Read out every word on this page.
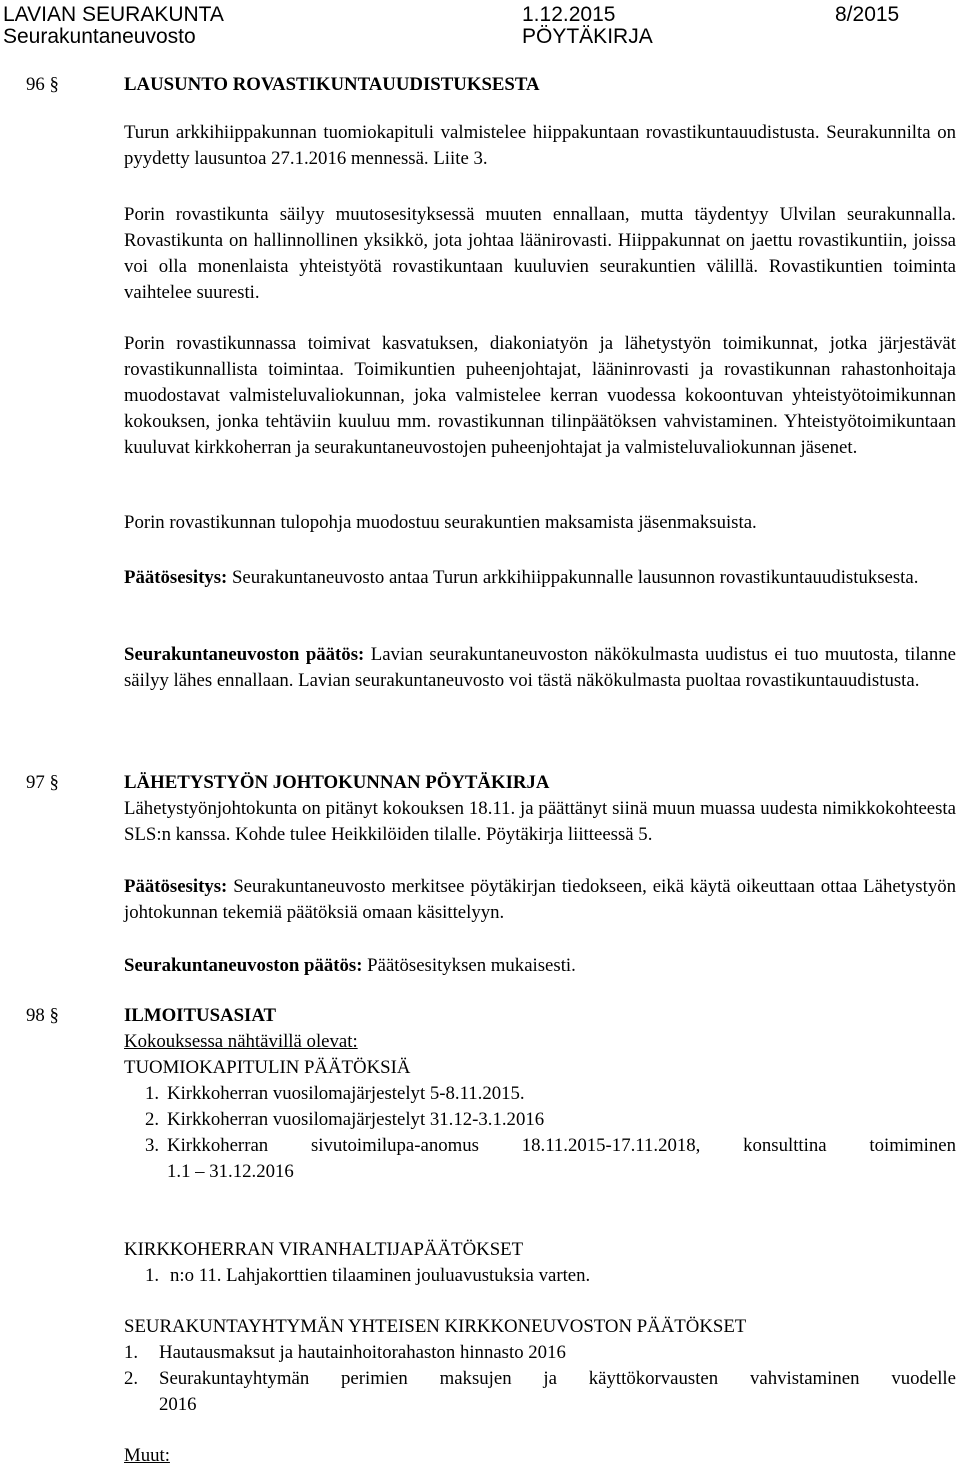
LAVIAN SEURAKUNTA	1.12.2015	8/2015
Seurakuntaneuvosto	PÖYTÄKIRJA
96 §	LAUSUNTO ROVASTIKUNTAUUDISTUKSESTA

Turun arkkihiippakunnan tuomiokapituli valmistelee hiippakuntaan rovastikuntauudistusta. Seurakunnilta on pyydetty lausuntoa 27.1.2016 mennessä. Liite 3.

Porin rovastikunta säilyy muutosesityksessä muuten ennallaan, mutta täydentyy Ulvilan seurakunnalla. Rovastikunta on hallinnollinen yksikkö, jota johtaa läänirovasti. Hiippakunnat on jaettu rovastikuntiin, joissa voi olla monenlaista yhteistyötä rovastikuntaan kuuluvien seurakuntien välillä. Rovastikuntien toiminta vaihtelee suuresti.

Porin rovastikunnassa toimivat kasvatuksen, diakoniatyön ja lähetystyön toimikunnat, jotka järjestävät rovastikunnallista toimintaa. Toimikuntien puheenjohtajat, lääninrovasti ja rovastikunnan rahastonhoitaja muodostavat valmisteluvaliokunnan, joka valmistelee kerran vuodessa kokoontuvan yhteistyötoimikunnan kokouksen, jonka tehtäviin kuuluu mm. rovastikunnan tilinpäätöksen vahvistaminen. Yhteistyötoimikuntaan kuuluvat kirkkoherran ja seurakuntaneuvostojen puheenjohtajat ja valmisteluvaliokunnan jäsenet.

Porin rovastikunnan tulopohja muodostuu seurakuntien maksamista jäsenmaksuista.

Päätösesitys: Seurakuntaneuvosto antaa Turun arkkihiippakunnalle lausunnon rovastikuntauudistuksesta.

Seurakuntaneuvoston päätös: Lavian seurakuntaneuvoston näkökulmasta uudistus ei tuo muutosta, tilanne säilyy lähes ennallaan. Lavian seurakuntaneuvosto voi tästä näkökulmasta puoltaa rovastikuntauudistusta.

97 §	LÄHETYSTYÖN JOHTOKUNNAN PÖYTÄKIRJA

Lähetystyönjohtokunta on pitänyt kokouksen 18.11. ja päättänyt siinä muun muassa uudesta nimikkokohteesta SLS:n kanssa. Kohde tulee Heikkilöiden tilalle. Pöytäkirja liitteessä 5.

Päätösesitys: Seurakuntaneuvosto merkitsee pöytäkirjan tiedokseen, eikä käytä oikeuttaan ottaa Lähetystyön johtokunnan tekemiä päätöksiä omaan käsittelyyn.

Seurakuntaneuvoston päätös: Päätösesityksen mukaisesti.

98 §	ILMOITUSASIAT
Kokouksessa nähtävillä olevat:
TUOMIOKAPITULIN PÄÄTÖKSIÄ
1. Kirkkoherran vuosilomajärjestelyt 5-8.11.2015.
2. Kirkkoherran vuosilomajärjestelyt 31.12-3.1.2016
3. Kirkkoherran sivutoimilupa-anomus 18.11.2015-17.11.2018, konsulttina toimiminen
1.1 – 31.12.2016
KIRKKOHERRAN VIRANHALTIJAPÄÄTÖKSET
1. n:o 11. Lahjakorttien tilaaminen jouluavustuksia varten.
SEURAKUNTAYHTYMÄN YHTEISEN KIRKKONEUVOSTON PÄÄTÖKSET
1. Hautausmaksut ja hautainhoitorahaston hinnasto 2016
2. Seurakuntayhtymän perimien maksujen ja käyttökorvausten vahvistaminen vuodelle
2016
Muut:
